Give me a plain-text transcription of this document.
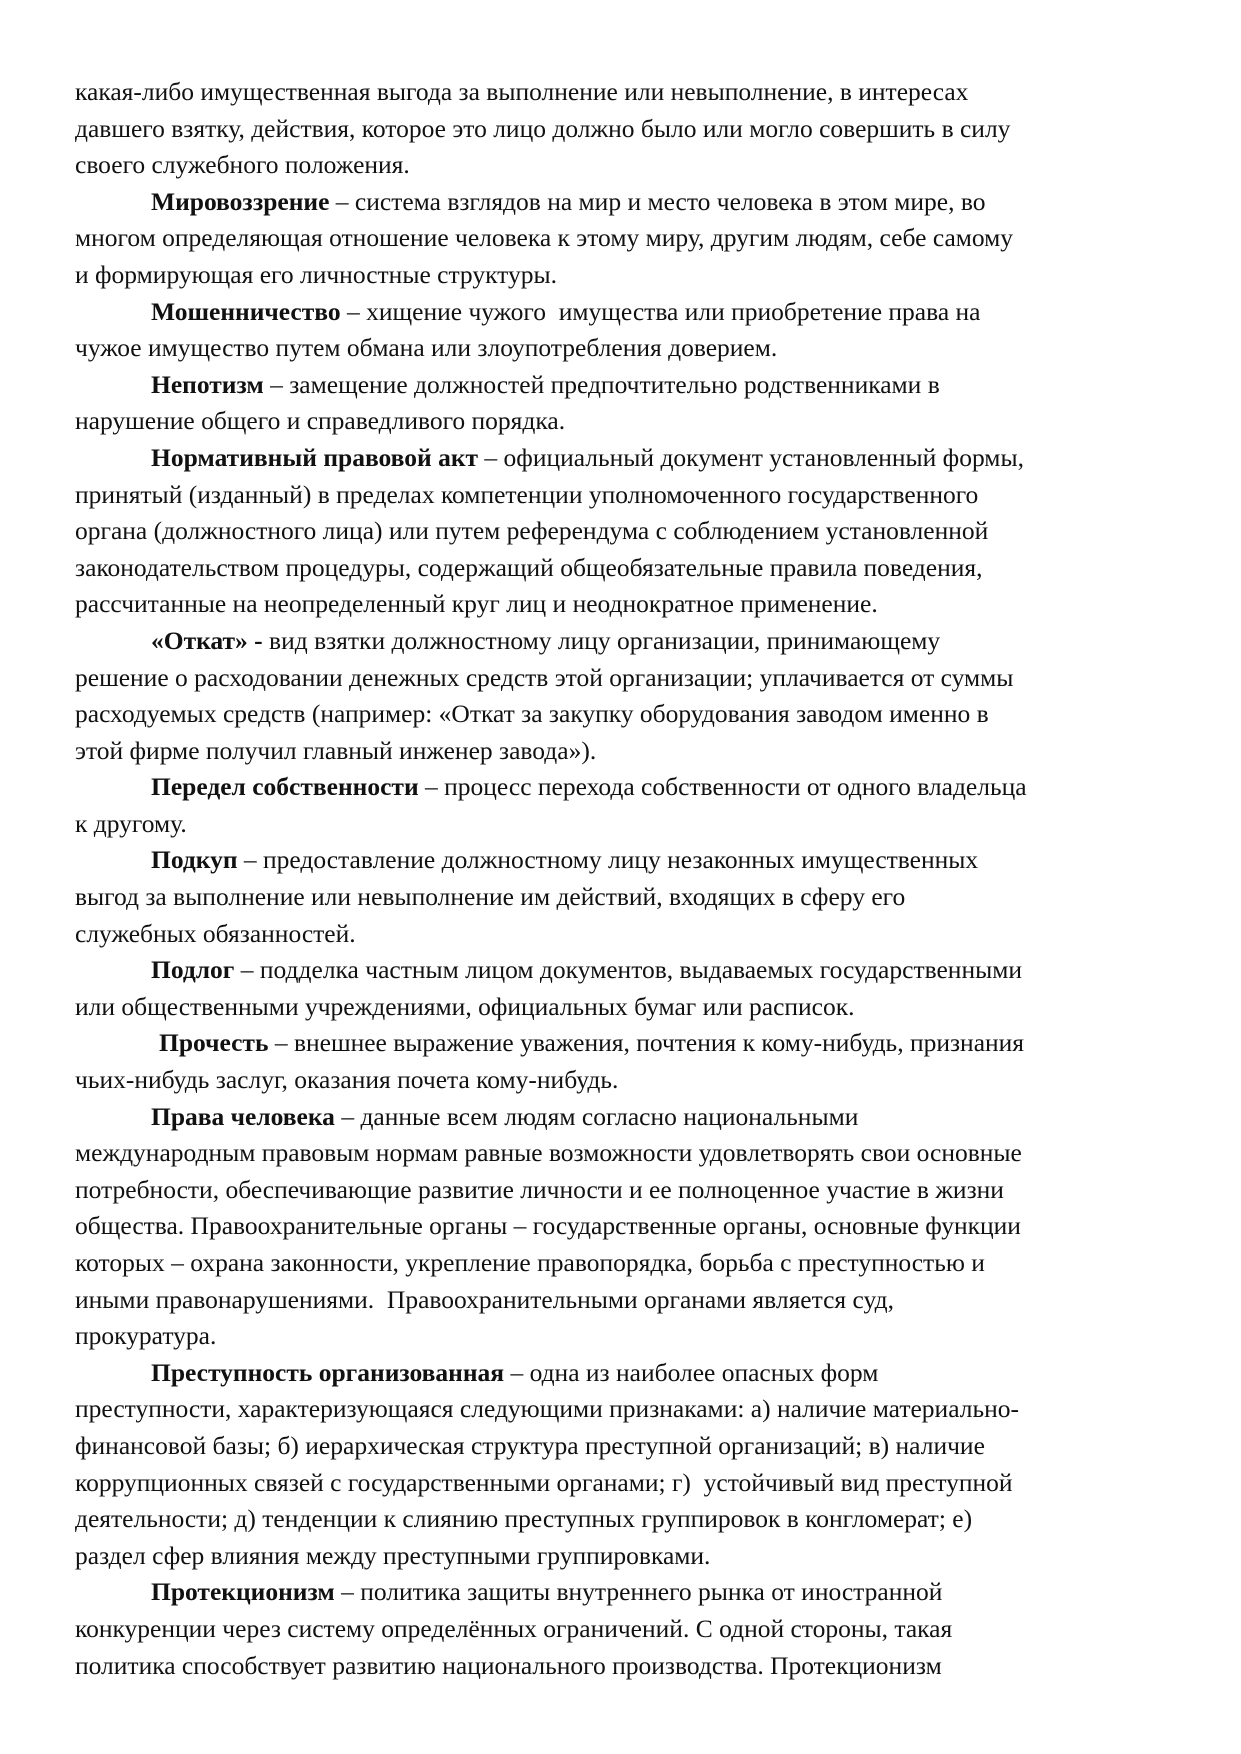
какая-либо имущественная выгода за выполнение или невыполнение, в интересах
давшего взятку, действия, которое это лицо должно было или могло совершить в силу
своего служебного положения.
Мировоззрение – система взглядов на мир и место человека в этом мире, во
многом определяющая отношение человека к этому миру, другим людям, себе самому
и формирующая его личностные структуры.
Мошенничество – хищение чужого  имущества или приобретение права на
чужое имущество путем обмана или злоупотребления доверием.
Непотизм – замещение должностей предпочтительно родственниками в
нарушение общего и справедливого порядка.
Нормативный правовой акт – официальный документ установленный формы,
принятый (изданный) в пределах компетенции уполномоченного государственного
органа (должностного лица) или путем референдума с соблюдением установленной
законодательством процедуры, содержащий общеобязательные правила поведения,
рассчитанные на неопределенный круг лиц и неоднократное применение.
«Откат» - вид взятки должностному лицу организации, принимающему
решение о расходовании денежных средств этой организации; уплачивается от суммы
расходуемых средств (например: «Откат за закупку оборудования заводом именно в
этой фирме получил главный инженер завода»).
Передел собственности – процесс перехода собственности от одного владельца
к другому.
Подкуп – предоставление должностному лицу незаконных имущественных
выгод за выполнение или невыполнение им действий, входящих в сферу его
служебных обязанностей.
Подлог – подделка частным лицом документов, выдаваемых государственными
или общественными учреждениями, официальных бумаг или расписок.
Прочесть – внешнее выражение уважения, почтения к кому-нибудь, признания
чьих-нибудь заслуг, оказания почета кому-нибудь.
Права человека – данные всем людям согласно национальными
международным правовым нормам равные возможности удовлетворять свои основные
потребности, обеспечивающие развитие личности и ее полноценное участие в жизни
общества. Правоохранительные органы – государственные органы, основные функции
которых – охрана законности, укрепление правопорядка, борьба с преступностью и
иными правонарушениями.  Правоохранительными органами является суд,
прокуратура.
Преступность организованная – одна из наиболее опасных форм
преступности, характеризующаяся следующими признаками: а) наличие материально-
финансовой базы; б) иерархическая структура преступной организаций; в) наличие
коррупционных связей с государственными органами; г)  устойчивый вид преступной
деятельности; д) тенденции к слиянию преступных группировок в конгломерат; е)
раздел сфер влияния между преступными группировками.
Протекционизм – политика защиты внутреннего рынка от иностранной
конкуренции через систему определённых ограничений. С одной стороны, такая
политика способствует развитию национального производства. Протекционизм
